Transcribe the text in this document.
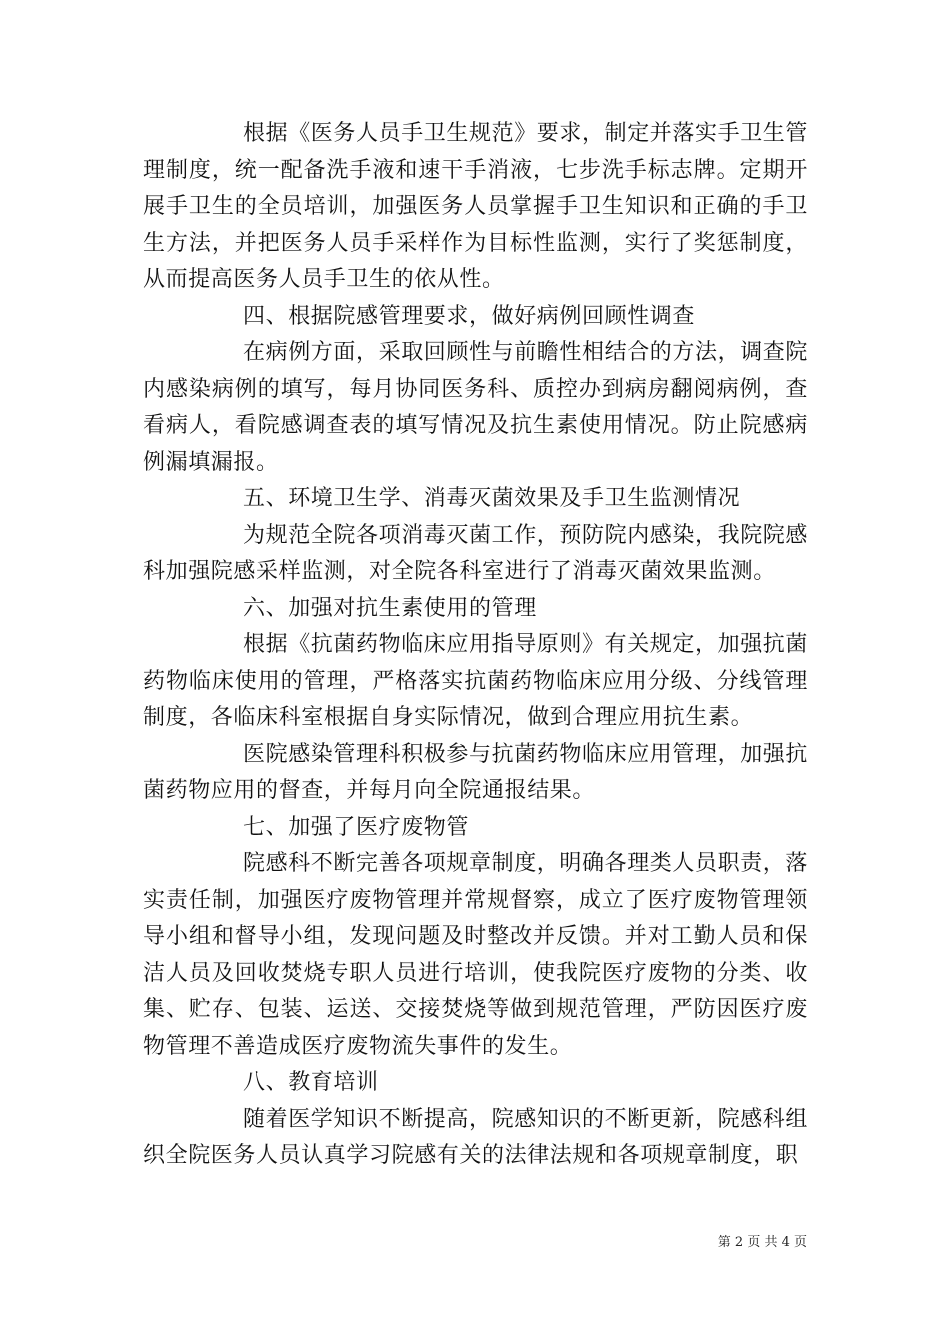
根据《医务人员手卫生规范》要求，制定并落实手卫生管理制度，统一配备洗手液和速干手消液，七步洗手标志牌。定期开展手卫生的全员培训，加强医务人员掌握手卫生知识和正确的手卫生方法，并把医务人员手采样作为目标性监测，实行了奖惩制度，从而提高医务人员手卫生的依从性。

四、根据院感管理要求，做好病例回顾性调查

在病例方面，采取回顾性与前瞻性相结合的方法，调查院内感染病例的填写，每月协同医务科、质控办到病房翻阅病例，查看病人，看院感调查表的填写情况及抗生素使用情况。防止院感病例漏填漏报。

五、环境卫生学、消毒灭菌效果及手卫生监测情况

为规范全院各项消毒灭菌工作，预防院内感染，我院院感科加强院感采样监测，对全院各科室进行了消毒灭菌效果监测。

六、加强对抗生素使用的管理

根据《抗菌药物临床应用指导原则》有关规定，加强抗菌药物临床使用的管理，严格落实抗菌药物临床应用分级、分线管理制度，各临床科室根据自身实际情况，做到合理应用抗生素。

医院感染管理科积极参与抗菌药物临床应用管理，加强抗菌药物应用的督查，并每月向全院通报结果。

七、加强了医疗废物管

院感科不断完善各项规章制度，明确各理类人员职责，落实责任制，加强医疗废物管理并常规督察，成立了医疗废物管理领导小组和督导小组，发现问题及时整改并反馈。并对工勤人员和保洁人员及回收焚烧专职人员进行培训，使我院医疗废物的分类、收集、贮存、包装、运送、交接焚烧等做到规范管理，严防因医疗废物管理不善造成医疗废物流失事件的发生。

八、教育培训

随着医学知识不断提高，院感知识的不断更新，院感科组织全院医务人员认真学习院感有关的法律法规和各项规章制度，职

第 2 页 共 4 页
